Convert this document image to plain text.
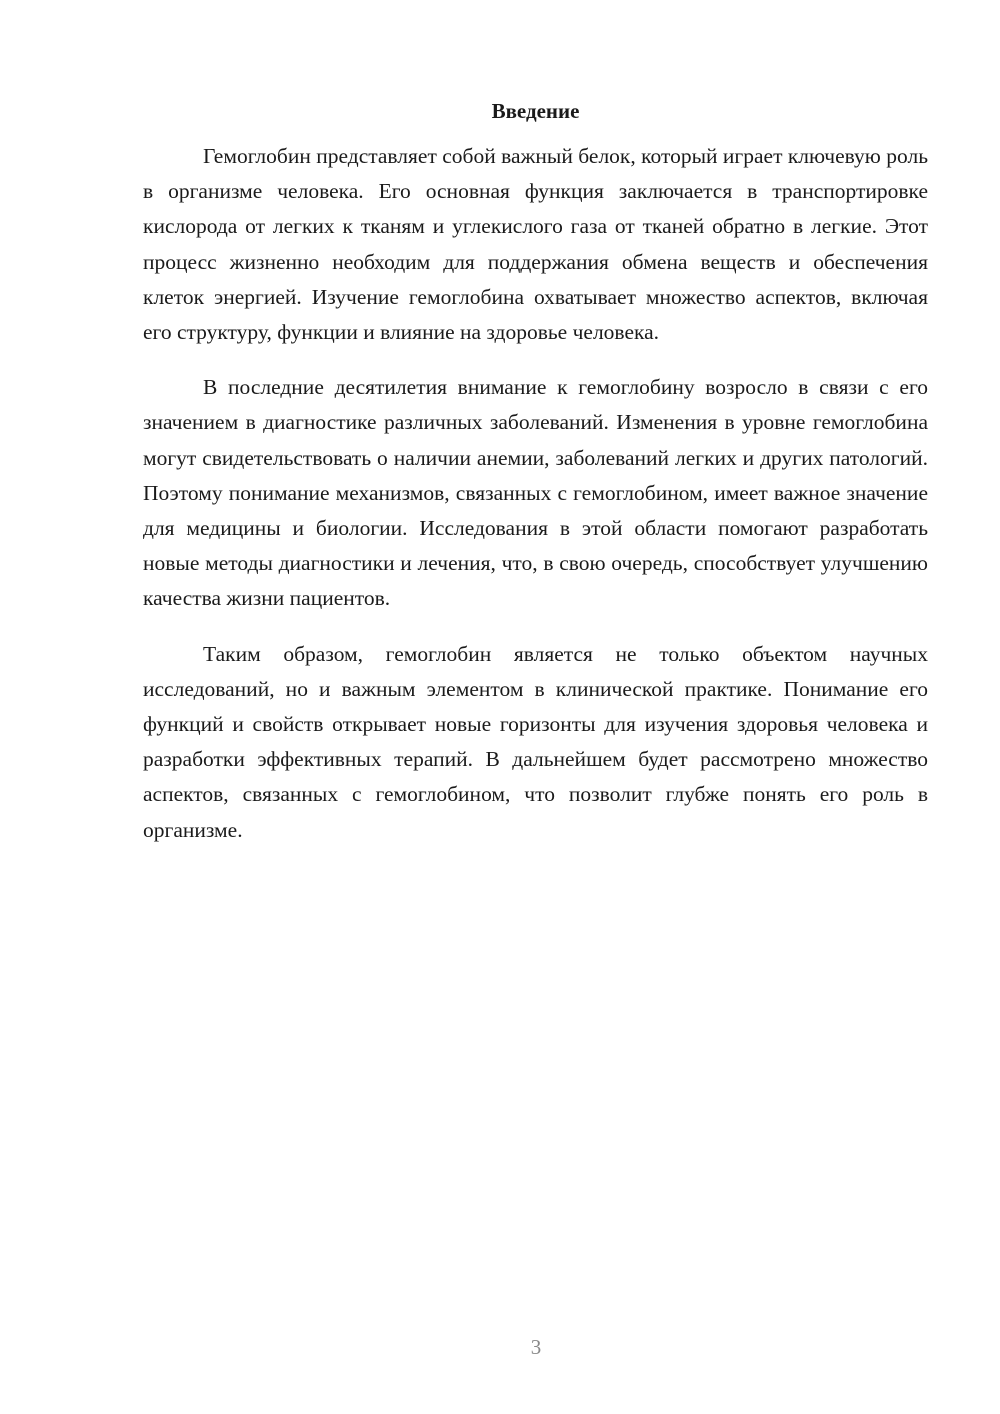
Введение

Гемоглобин представляет собой важный белок, который играет ключевую роль в организме человека. Его основная функция заключается в транспортировке кислорода от легких к тканям и углекислого газа от тканей обратно в легкие. Этот процесс жизненно необходим для поддержания обмена веществ и обеспечения клеток энергией. Изучение гемоглобина охватывает множество аспектов, включая его структуру, функции и влияние на здоровье человека.

В последние десятилетия внимание к гемоглобину возросло в связи с его значением в диагностике различных заболеваний. Изменения в уровне гемоглобина могут свидетельствовать о наличии анемии, заболеваний легких и других патологий. Поэтому понимание механизмов, связанных с гемоглобином, имеет важное значение для медицины и биологии. Исследования в этой области помогают разработать новые методы диагностики и лечения, что, в свою очередь, способствует улучшению качества жизни пациентов.

Таким образом, гемоглобин является не только объектом научных исследований, но и важным элементом в клинической практике. Понимание его функций и свойств открывает новые горизонты для изучения здоровья человека и разработки эффективных терапий. В дальнейшем будет рассмотрено множество аспектов, связанных с гемоглобином, что позволит глубже понять его роль в организме.

3
